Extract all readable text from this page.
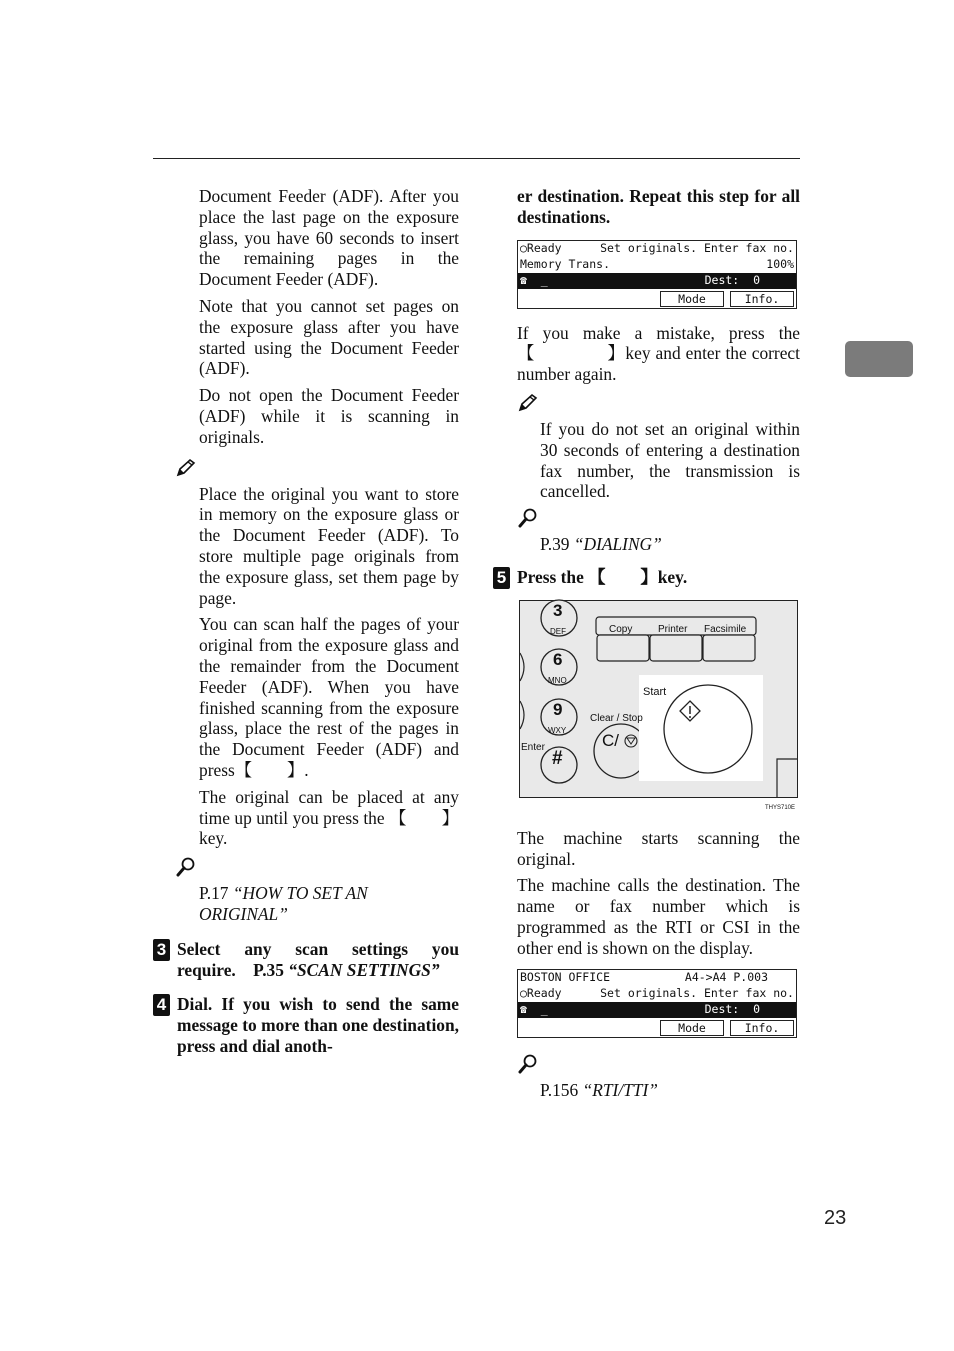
Document Feeder (ADF). After you place the last page on the exposure glass, you have 60 seconds to insert the remaining pages in the Document Feeder (ADF).

Note that you cannot set pages on the exposure glass after you have started using the Document Feeder (ADF).

Do not open the Document Feeder (ADF) while it is scanning in originals.

Place the original you want to store in memory on the exposure glass or the Document Feeder (ADF). To store multiple page originals from the exposure glass, set them page by page.

You can scan half the pages of your original from the exposure glass and the remainder from the Document Feeder (ADF). When you have finished scanning from the exposure glass, place the rest of the pages in the Document Feeder (ADF) and press【　　】.

The original can be placed at any time up until you press the 【　　】key.

P.17 “HOW TO SET AN ORIGINAL”

3 Select any scan settings you require. P.35 “SCAN SETTINGS”

4 Dial. If you wish to send the same message to more than one destination, press and dial anoth-

er destination. Repeat this step for all destinations.

○Ready	Set originals. Enter fax no.
Memory Trans.	100%
☎  _	Dest:  0
Mode	Info.

If you make a mistake, press the 【　　　　】key and enter the correct number again.

If you do not set an original within 30 seconds of entering a destination fax number, the transmission is cancelled.

P.39 “DIALING”

5 Press the 【　　】key.

3
DEF
6
MNO
9
WXY
#
Enter
Copy	Printer Facsimile
Clear / Stop
C/
Start
THYS710E

The machine starts scanning the original.

The machine calls the destination. The name or fax number which is programmed as the RTI or CSI in the other end is shown on the display.

BOSTON OFFICE	A4->A4 P.003
○Ready	Set originals. Enter fax no.
☎  _	Dest:  0
Mode	Info.

P.156 “RTI/TTI”

23
